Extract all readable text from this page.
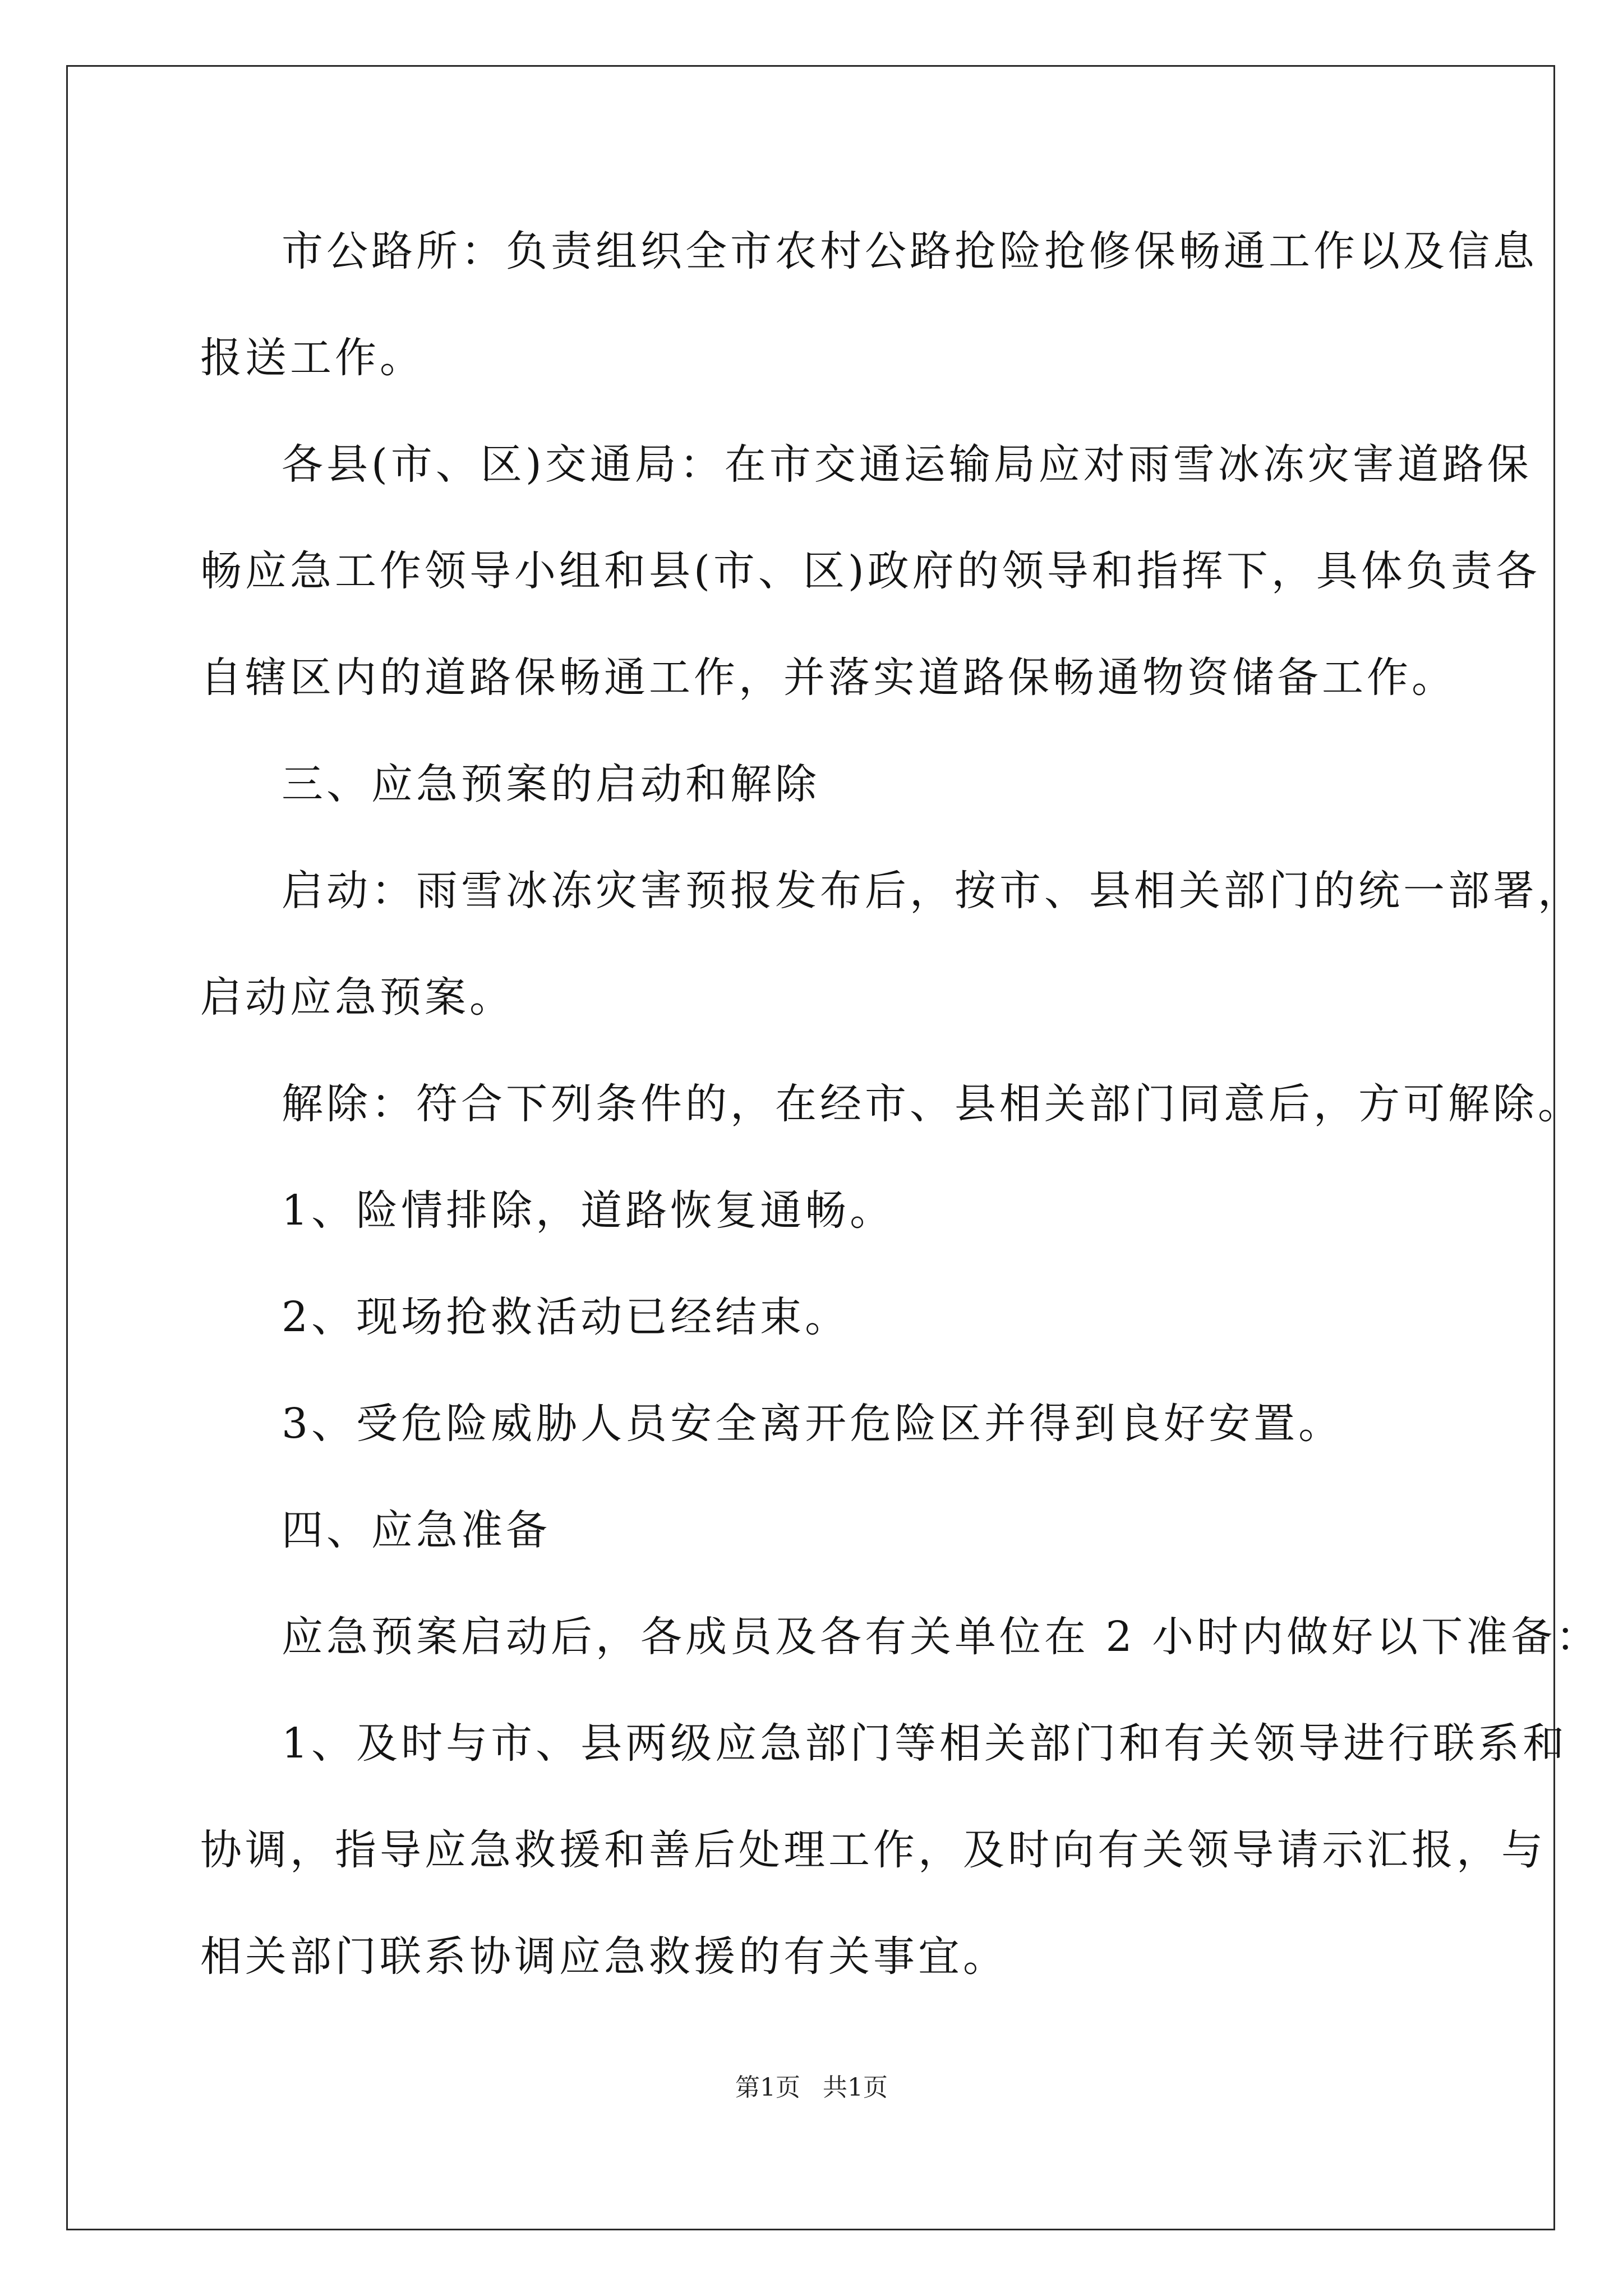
市公路所：负责组织全市农村公路抢险抢修保畅通工作以及信息
报送工作。
各县(市、区)交通局：在市交通运输局应对雨雪冰冻灾害道路保
畅应急工作领导小组和县(市、区)政府的领导和指挥下，具体负责各
自辖区内的道路保畅通工作，并落实道路保畅通物资储备工作。
三、应急预案的启动和解除
启动：雨雪冰冻灾害预报发布后，按市、县相关部门的统一部署，
启动应急预案。
解除：符合下列条件的，在经市、县相关部门同意后，方可解除。
1、险情排除，道路恢复通畅。
2、现场抢救活动已经结束。
3、受危险威胁人员安全离开危险区并得到良好安置。
四、应急准备
应急预案启动后，各成员及各有关单位在 2 小时内做好以下准备：
1、及时与市、县两级应急部门等相关部门和有关领导进行联系和
协调，指导应急救援和善后处理工作，及时向有关领导请示汇报，与
相关部门联系协调应急救援的有关事宜。
第1页 共1页
